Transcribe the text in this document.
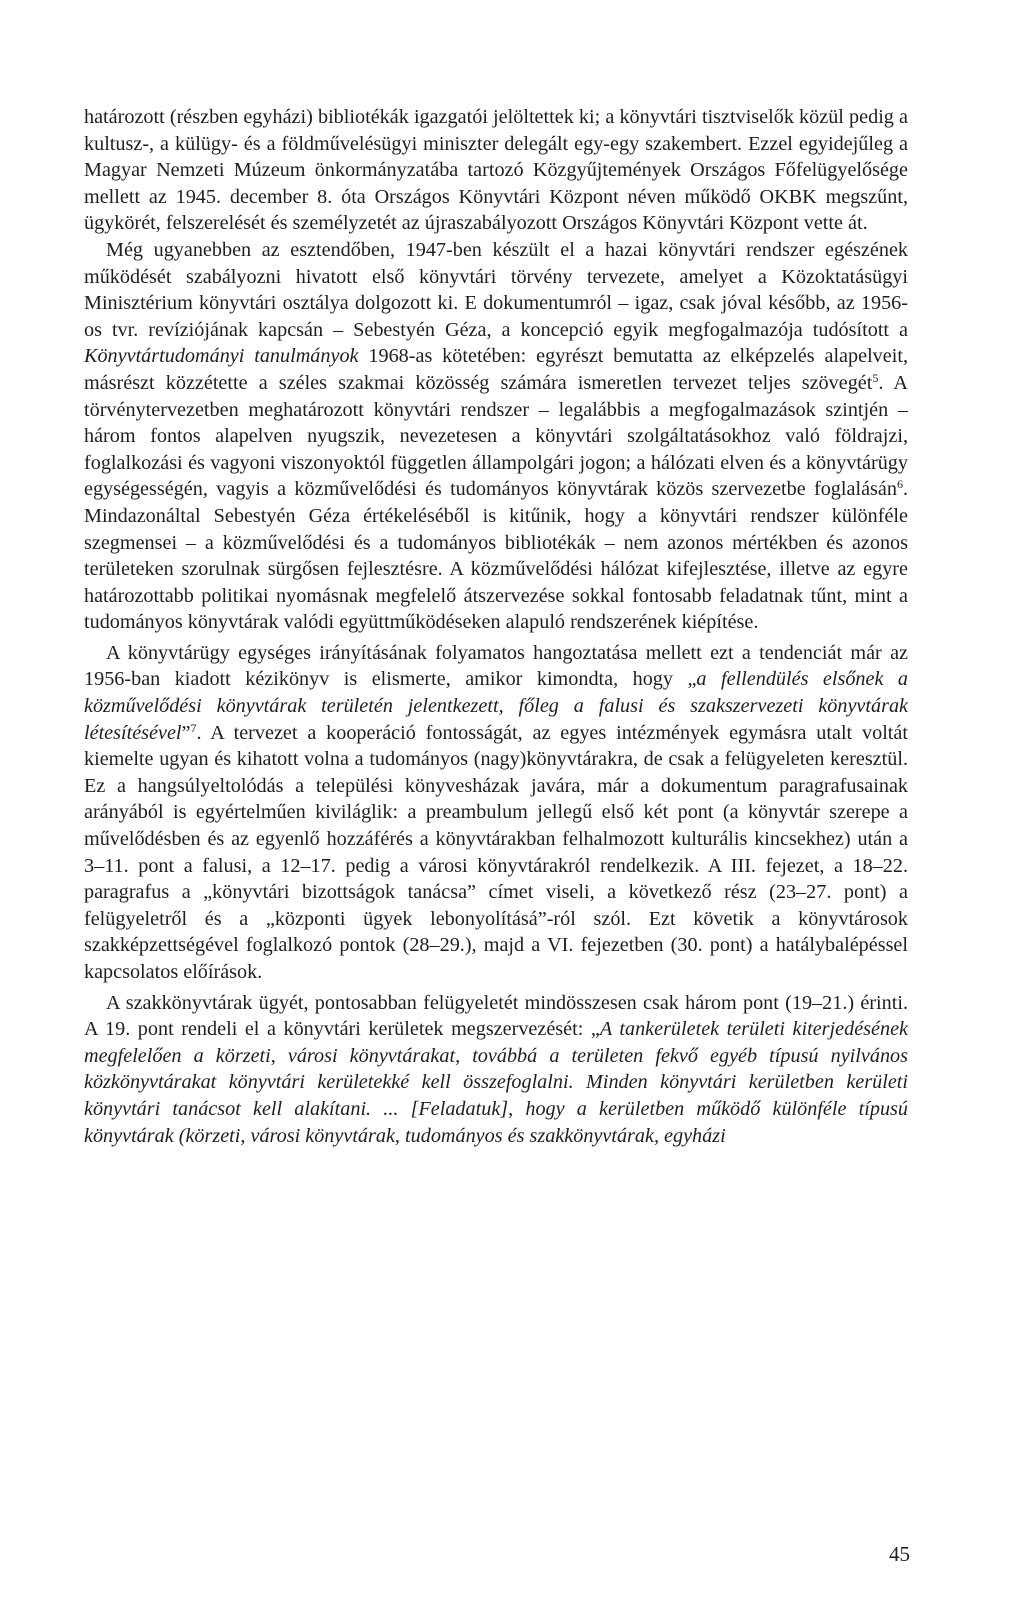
határozott (részben egyházi) bibliotékák igazgatói jelöltettek ki; a könyvtári tisztviselők közül pedig a kultusz-, a külügy- és a földművelésügyi miniszter delegált egy-egy szakembert. Ezzel egyidejűleg a Magyar Nemzeti Múzeum önkormányzatába tartozó Közgyűjtemények Országos Főfelügyelősége mellett az 1945. december 8. óta Országos Könyvtári Központ néven működő OKBK megszűnt, ügykörét, felszerelését és személyzetét az újraszabályozott Országos Könyvtári Központ vette át.

Még ugyanebben az esztendőben, 1947-ben készült el a hazai könyvtári rendszer egészének működését szabályozni hivatott első könyvtári törvény tervezete, amelyet a Közoktatásügyi Minisztérium könyvtári osztálya dolgozott ki. E dokumentumról – igaz, csak jóval később, az 1956-os tvr. revíziójának kapcsán – Sebestyén Géza, a koncepció egyik megfogalmazója tudósított a Könyvtártudományi tanulmányok 1968-as kötetében: egyrészt bemutatta az elképzelés alapelveit, másrészt közzétette a széles szakmai közösség számára ismeretlen tervezet teljes szövegét$^5$. A törvénytervezetben meghatározott könyvtári rendszer – legalábbis a megfogalmazások szintjén – három fontos alapelven nyugszik, nevezetesen a könyvtári szolgáltatásokhoz való földrajzi, foglalkozási és vagyoni viszonyoktól független állampolgári jogon; a hálózati elven és a könyvtárügy egységességén, vagyis a közművelődési és tudományos könyvtárak közös szervezetbe foglalásán$^6$. Mindazonáltal Sebestyén Géza értékeléséből is kitűnik, hogy a könyvtári rendszer különféle szegmensei – a közművelődési és a tudományos bibliotékák – nem azonos mértékben és azonos területeken szorulnak sürgősen fejlesztésre. A közművelődési hálózat kifejlesztése, illetve az egyre határozottabb politikai nyomásnak megfelelő átszervezése sokkal fontosabb feladatnak tűnt, mint a tudományos könyvtárak valódi együttműködéseken alapuló rendszerének kiépítése.

A könyvtárügy egységes irányításának folyamatos hangoztatása mellett ezt a tendenciát már az 1956-ban kiadott kézikönyv is elismerte, amikor kimondta, hogy „a fellendülés elsőnek a közművelődési könyvtárak területén jelentkezett, főleg a falusi és szakszervezeti könyvtárak létesítésével”$^7$. A tervezet a kooperáció fontosságát, az egyes intézmények egymásra utalt voltát kiemelte ugyan és kihatott volna a tudományos (nagy)könyvtárakra, de csak a felügyeleten keresztül. Ez a hangsúlyeltolódás a települési könyvesházak javára, már a dokumentum paragrafusainak arányából is egyértelműen kiviláglik: a preambulum jellegű első két pont (a könyvtár szerepe a művelődésben és az egyenlő hozzáférés a könyvtárakban felhalmozott kulturális kincsekhez) után a 3–11. pont a falusi, a 12–17. pedig a városi könyvtárakról rendelkezik. A III. fejezet, a 18–22. paragrafus a „könyvtári bizottságok tanácsa” címet viseli, a következő rész (23–27. pont) a felügyeletről és a „központi ügyek lebonyolításá”-ról szól. Ezt követik a könyvtárosok szakképzettségével foglalkozó pontok (28–29.), majd a VI. fejezetben (30. pont) a hatálybalépéssel kapcsolatos előírások.

A szakkönyvtárak ügyét, pontosabban felügyeletét mindösszesen csak három pont (19–21.) érinti. A 19. pont rendeli el a könyvtári kerületek megszervezését: „A tankerületek területi kiterjedésének megfelelően a körzeti, városi könyvtárakat, továbbá a területen fekvő egyéb típusú nyilvános közkönyvtárakat könyvtári kerületekké kell összefoglalni. Minden könyvtári kerületben kerületi könyvtári tanácsot kell alakítani. ... [Feladatuk], hogy a kerületben működő különféle típusú könyvtárak (körzeti, városi könyvtárak, tudományos és szakkönyvtárak, egyházi

45
